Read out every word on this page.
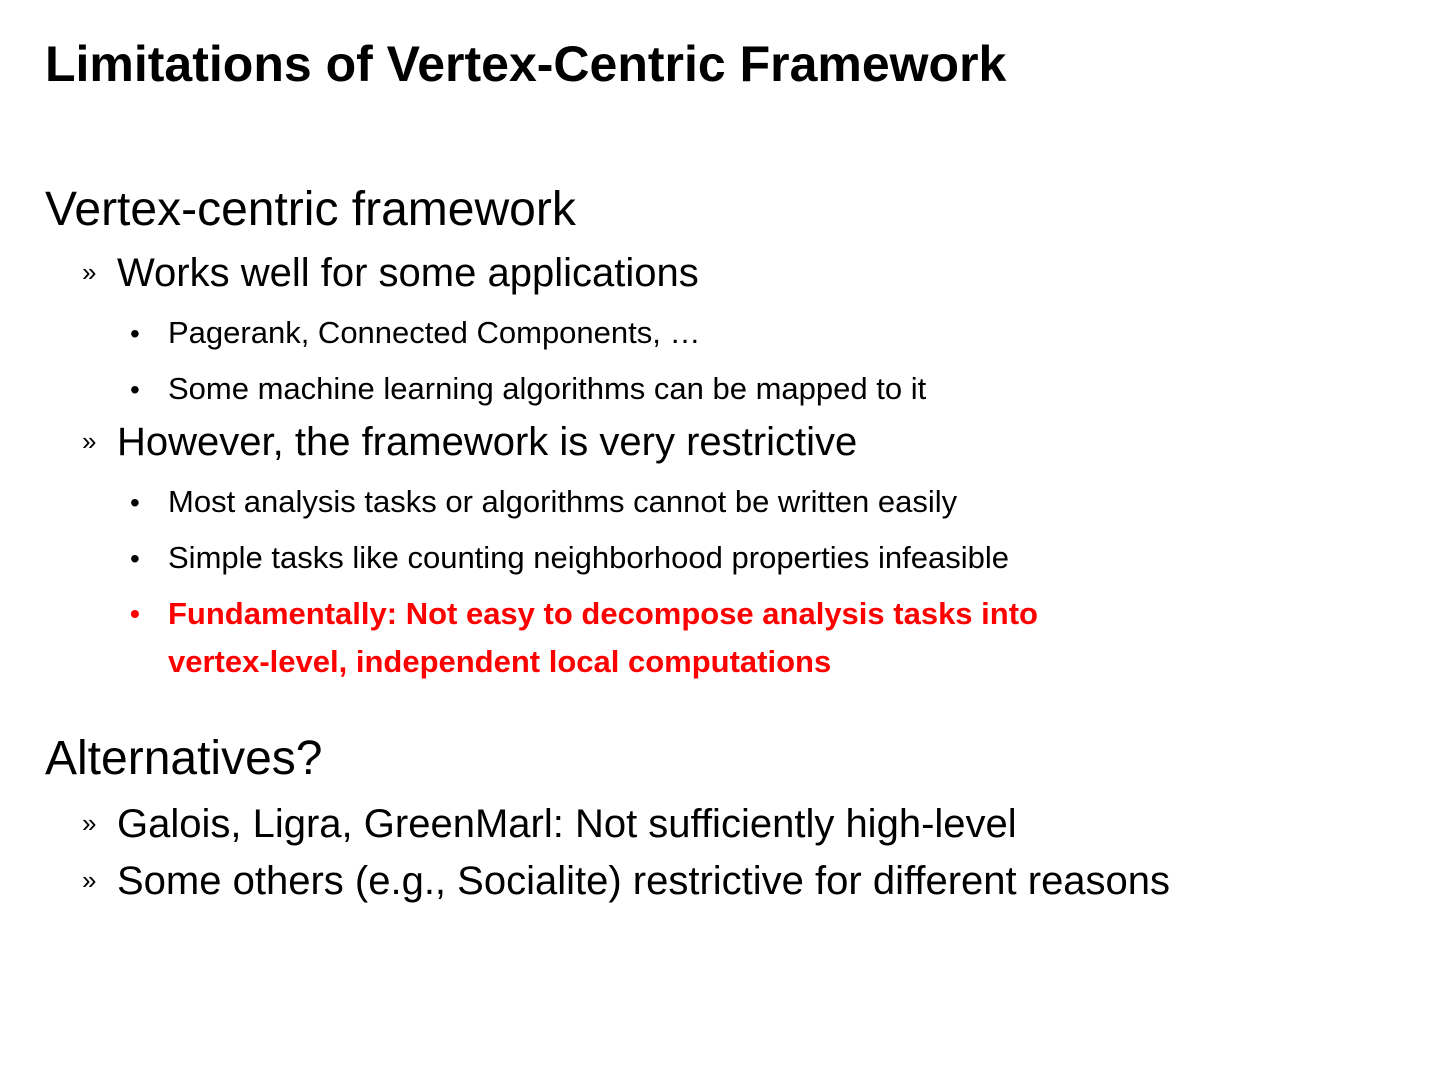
Limitations of Vertex-Centric Framework
Vertex-centric framework
» Works well for some applications
• Pagerank, Connected Components, …
• Some machine learning algorithms can be mapped to it
» However, the framework is very restrictive
• Most analysis tasks or algorithms cannot be written easily
• Simple tasks like counting neighborhood properties infeasible
• Fundamentally: Not easy to decompose analysis tasks into
vertex-level, independent local computations
Alternatives?
» Galois, Ligra, GreenMarl: Not sufficiently high-level
» Some others (e.g., Socialite) restrictive for different reasons
